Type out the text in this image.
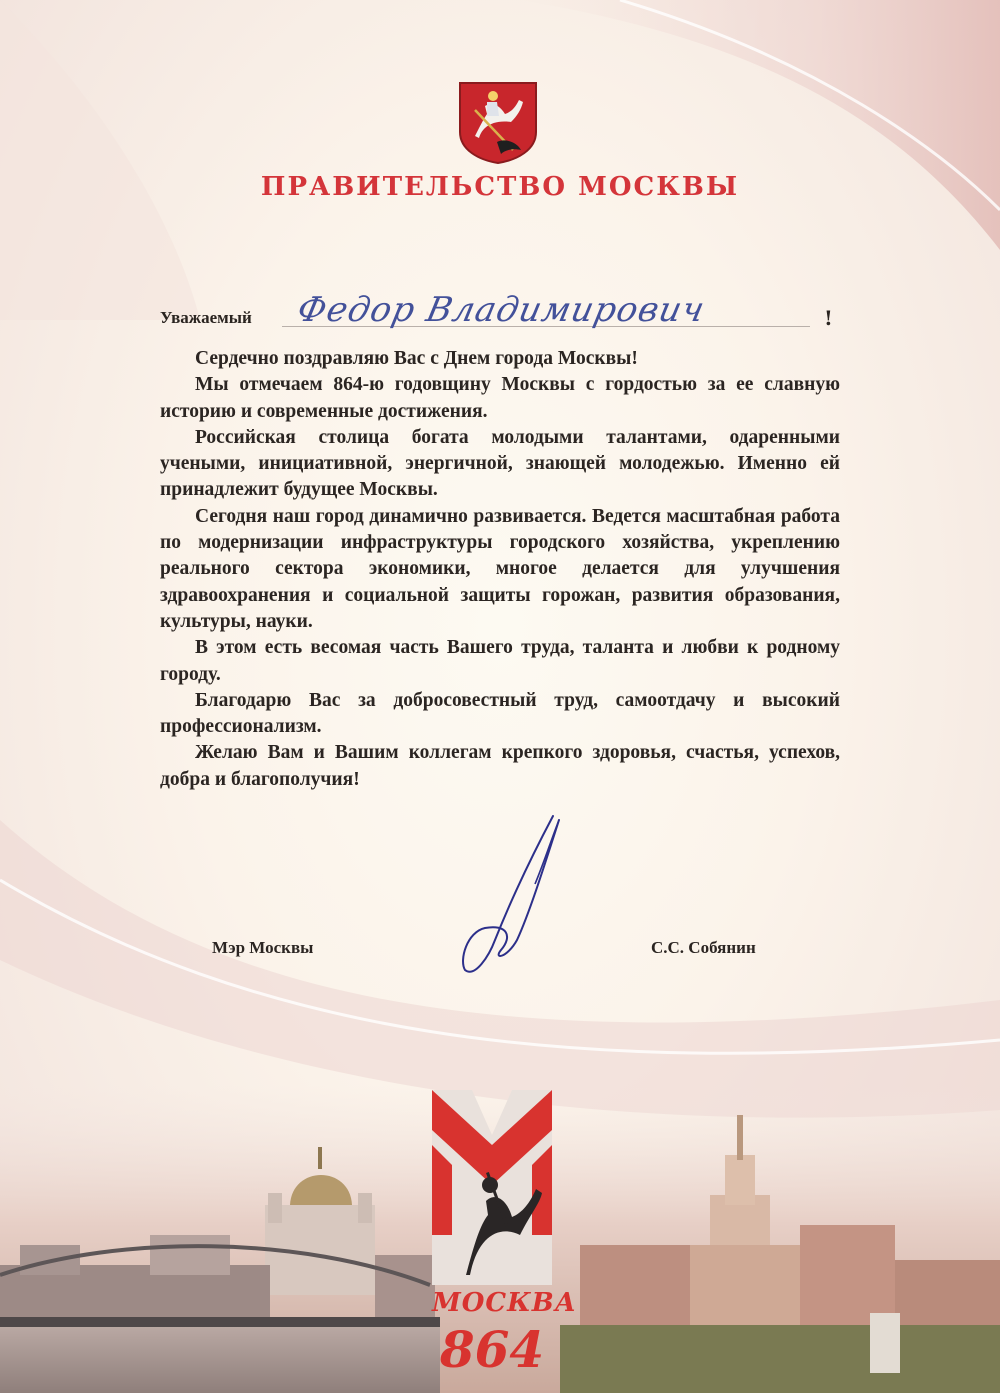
ПРАВИТЕЛЬСТВО МОСКВЫ
Уважаемый Федор Владимирович	!

Сердечно поздравляю Вас с Днем города Москвы!

Мы отмечаем 864-ю годовщину Москвы с гордостью за ее славную историю и современные достижения.

Российская столица богата молодыми талантами, одаренными учеными, инициативной, энергичной, знающей молодежью. Именно ей принадлежит будущее Москвы.

Сегодня наш город динамично развивается. Ведется масштабная работа по модернизации инфраструктуры городского хозяйства, укреплению реального сектора экономики, многое делается для улучшения здравоохранения и социальной защиты горожан, развития образования, культуры, науки.

В этом есть весомая часть Вашего труда, таланта и любви к родному городу.

Благодарю Вас за добросовестный труд, самоотдачу и высокий профессионализм.

Желаю Вам и Вашим коллегам крепкого здоровья, счастья, успехов, добра и благополучия!

Мэр Москвы	С.С. Собянин
МОСКВА
864
